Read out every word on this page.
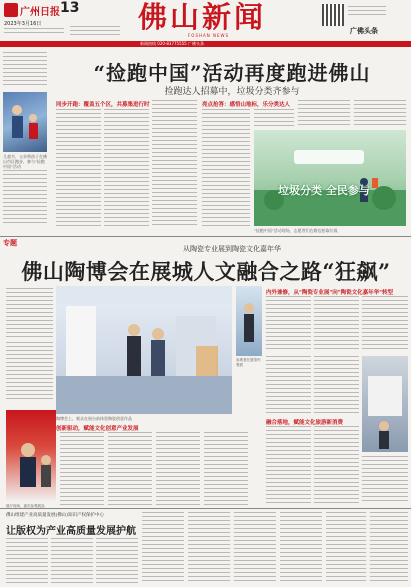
广州日报 13
2023年3月16日	佛山新闻
FOSHAN NEWS
广佛头条
新闻热线 020-83775555 广佛头条
儿童节，父亲带孩子在佛山市区跑步，参与"捡跑中国"活动
“捡跑中国”活动再度跑进佛山
捡跑达人招募中，垃圾分类齐参与
同步开跑：覆盖五个区，共募集进行时	亮点抢答：感悟山地标，乐分类达人
垃圾分类 全民参与
"捡跑中国"活动现场，志愿者们在路边拾取垃圾
专题
从陶瓷专业展到陶瓷文化嘉年华
佛山陶博会在展城人文融合之路“狂飙”
陶博会上，观众在展台前体验陶瓷创意作品
参观者在展馆内观看
内外兼修，从"陶瓷专业展"向"陶瓷文化嘉年华"转型
创新驱动，赋能文化创意产业发展
展厅现场，嘉宾参观展品
融合落地，赋能文化旅游新消费
佛山组建产业高质量发展(佛山)知识产权保护中心
让版权为产业高质量发展护航
